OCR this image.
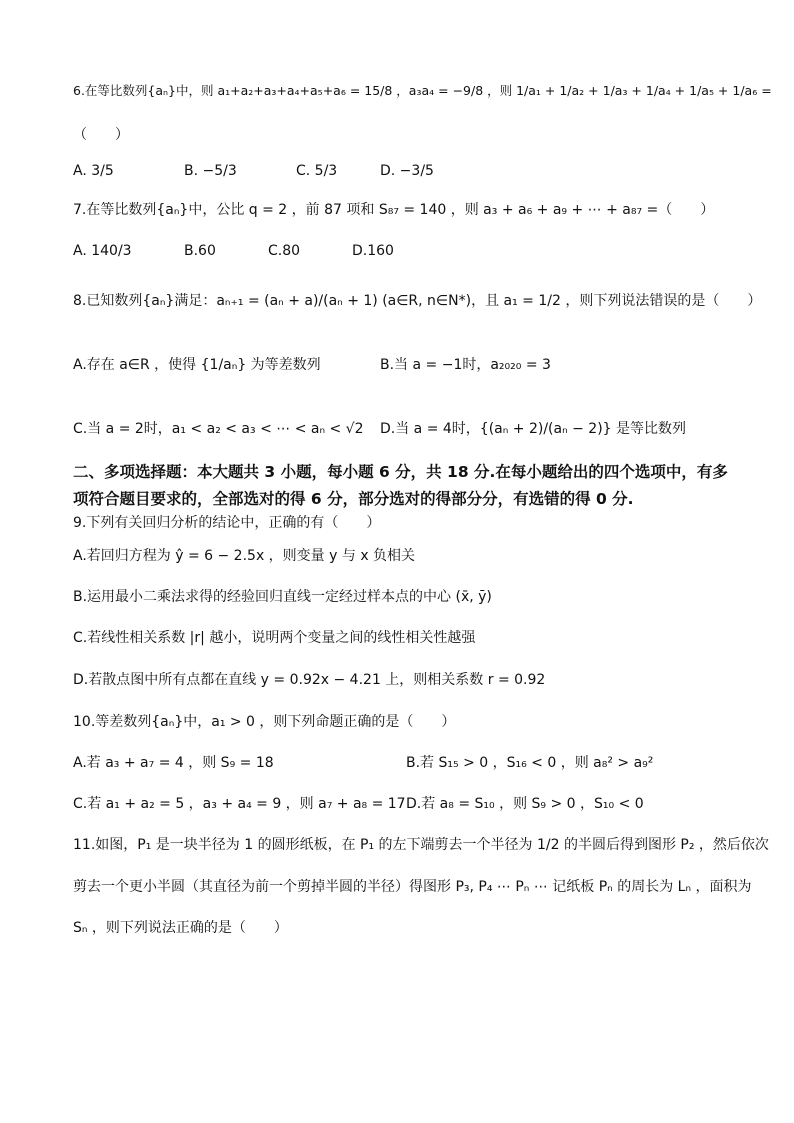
6.在等比数列{aₙ}中，则 a₁+a₂+a₃+a₄+a₅+a₆ = 15/8 ，a₃a₄ = −9/8 ，则 1/a₁ + 1/a₂ + 1/a₃ + 1/a₄ + 1/a₅ + 1/a₆ =
（　　）
A. 3/5	B. −5/3	C. 5/3	D. −3/5
7.在等比数列{aₙ}中，公比 q = 2 ，前 87 项和 S₈₇ = 140 ，则 a₃ + a₆ + a₉ + ⋯ + a₈₇ =（　　）
A. 140/3	B.60	C.80	D.160
8.已知数列{aₙ}满足：aₙ₊₁ = (aₙ + a)/(aₙ + 1) (a∈R, n∈N*)，且 a₁ = 1/2 ，则下列说法错误的是（　　）
A.存在 a∈R ，使得 {1/aₙ} 为等差数列	B.当 a = −1时，a₂₀₂₀ = 3
C.当 a = 2时，a₁ < a₂ < a₃ < ⋯ < aₙ < √2 D.当 a = 4时，{(aₙ + 2)/(aₙ − 2)} 是等比数列
二、多项选择题：本大题共 3 小题，每小题 6 分，共 18 分.在每小题给出的四个选项中，有多
项符合题目要求的，全部选对的得 6 分，部分选对的得部分分，有选错的得 0 分.
9.下列有关回归分析的结论中，正确的有（　　）
A.若回归方程为 ŷ = 6 − 2.5x ，则变量 y 与 x 负相关
B.运用最小二乘法求得的经验回归直线一定经过样本点的中心 (x̄, ȳ)
C.若线性相关系数 |r| 越小，说明两个变量之间的线性相关性越强
D.若散点图中所有点都在直线 y = 0.92x − 4.21 上，则相关系数 r = 0.92
10.等差数列{aₙ}中，a₁ > 0 ，则下列命题正确的是（　　）
A.若 a₃ + a₇ = 4 ，则 S₉ = 18	B.若 S₁₅ > 0 ，S₁₆ < 0 ，则 a₈² > a₉²
C.若 a₁ + a₂ = 5 ，a₃ + a₄ = 9 ，则 a₇ + a₈ = 17 D.若 a₈ = S₁₀ ，则 S₉ > 0 ，S₁₀ < 0
11.如图，P₁ 是一块半径为 1 的圆形纸板，在 P₁ 的左下端剪去一个半径为 1/2 的半圆后得到图形 P₂ ，然后依次
剪去一个更小半圆（其直径为前一个剪掉半圆的半径）得图形 P₃, P₄ ⋯ Pₙ ⋯ 记纸板 Pₙ 的周长为 Lₙ ，面积为
Sₙ ，则下列说法正确的是（　　）
